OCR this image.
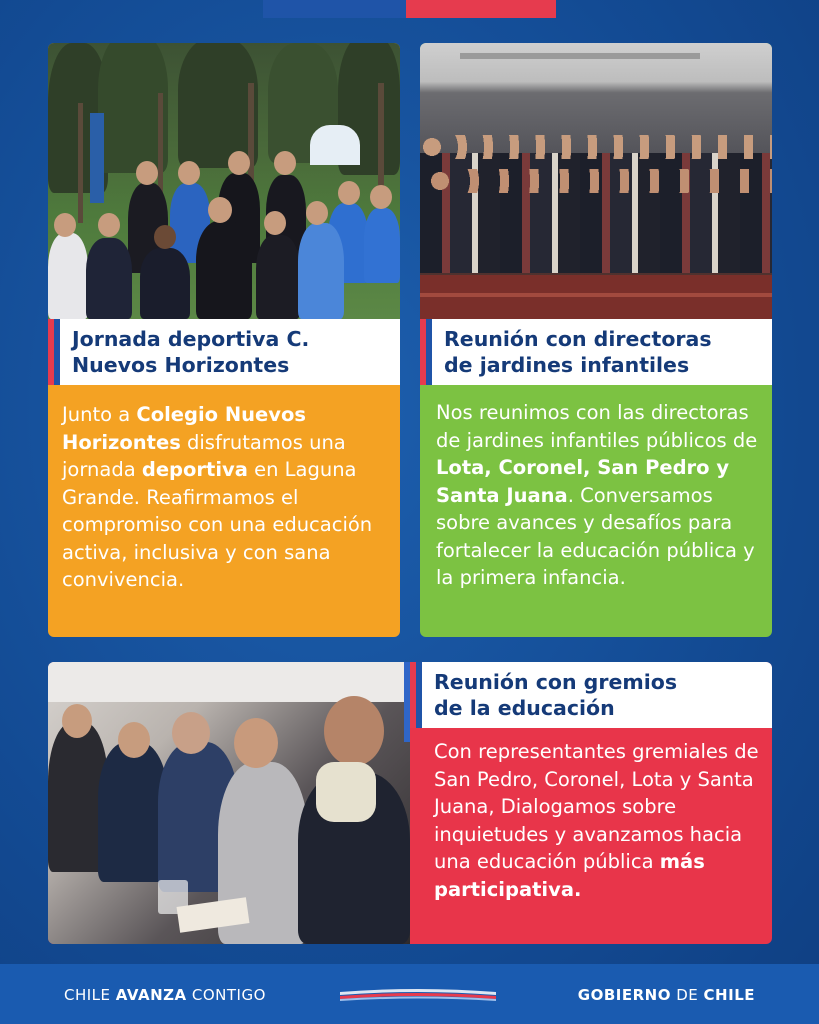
Jornada deportiva C.
Nuevos Horizontes
Junto a Colegio Nuevos Horizontes disfrutamos una jornada deportiva en Laguna Grande. Reafirmamos el compromiso con una educación activa, inclusiva y con sana convivencia.
Reunión con directoras
de jardines infantiles
Nos reunimos con las directoras de jardines infantiles públicos de Lota, Coronel, San Pedro y Santa Juana. Conversamos sobre avances y desafíos para fortalecer la educación pública y la primera infancia.
Reunión con gremios
de la educación
Con representantes gremiales de San Pedro, Coronel, Lota y Santa Juana, Dialogamos sobre inquietudes y avanzamos hacia una educación pública más participativa.
CHILE AVANZA CONTIGO	GOBIERNO DE CHILE
